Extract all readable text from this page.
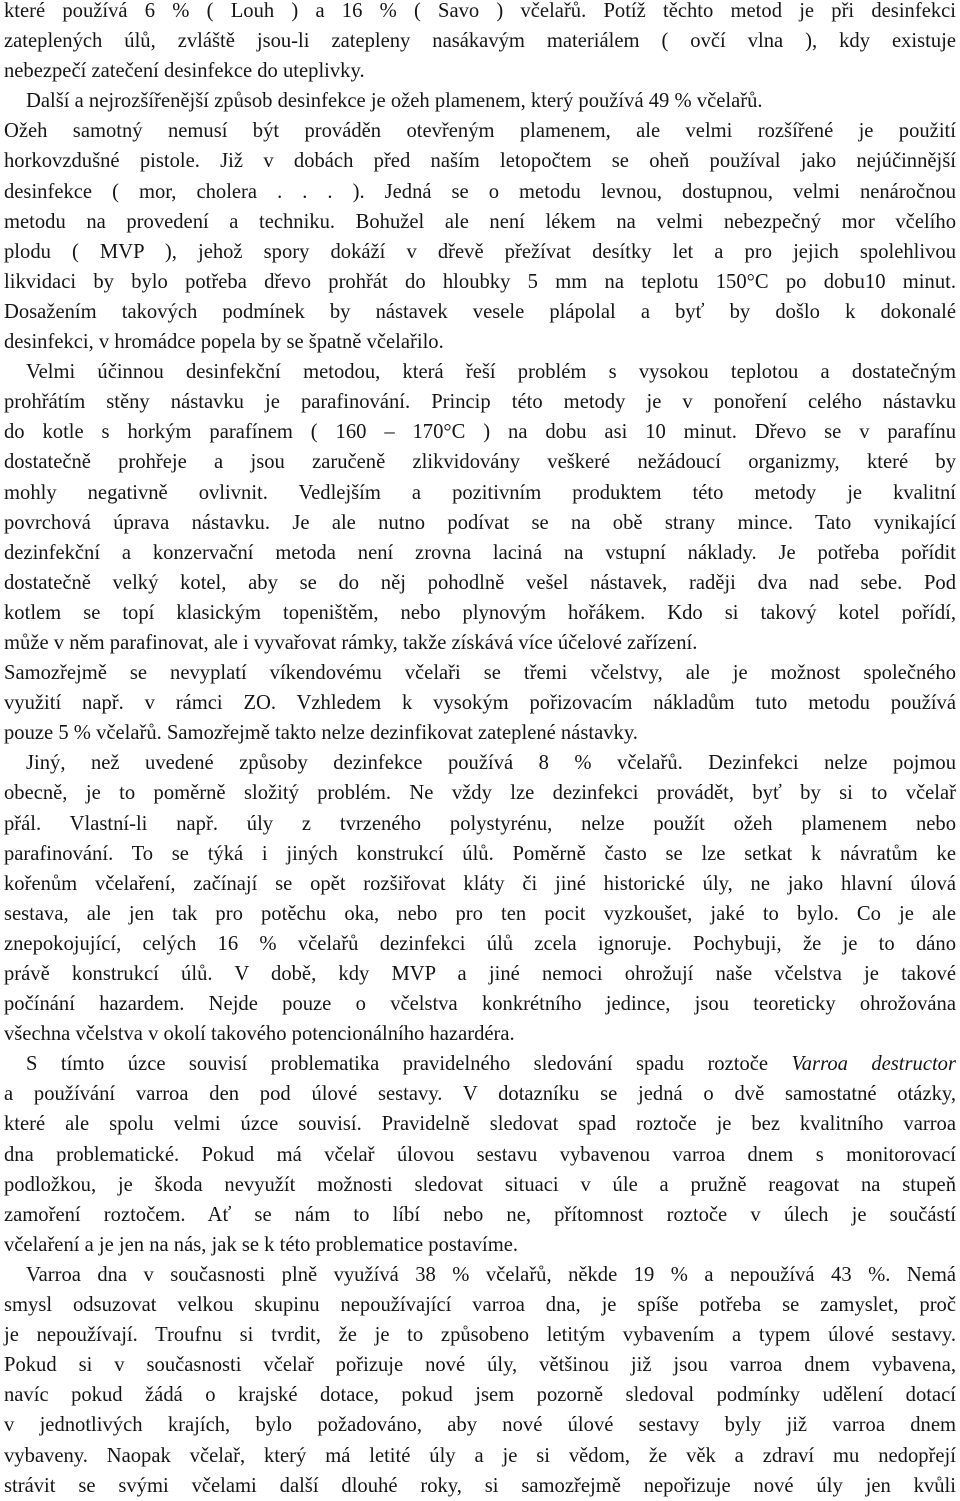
které používá 6 % ( Louh ) a 16 % ( Savo ) včelařů. Potíž těchto metod je při desinfekci
zateplených úlů, zvláště jsou-li zatepleny nasákavým materiálem ( ovčí vlna ), kdy existuje
nebezpečí zatečení desinfekce do uteplivky.
Další a nejrozšířenější způsob desinfekce je ožeh plamenem, který používá 49 % včelařů.
Ožeh samotný nemusí být prováděn otevřeným plamenem, ale velmi rozšířené je použití
horkovzdušné pistole. Již v dobách před naším letopočtem se oheň používal jako nejúčinnější
desinfekce ( mor, cholera . . . ). Jedná se o metodu levnou, dostupnou, velmi nenáročnou
metodu na provedení a techniku. Bohužel ale není lékem na velmi nebezpečný mor včelího
plodu ( MVP ), jehož spory dokáží v dřevě přežívat desítky let a pro jejich spolehlivou
likvidaci by bylo potřeba dřevo prohřát do hloubky 5 mm na teplotu 150°C po dobu10 minut.
Dosažením takových podmínek by nástavek vesele plápolal a byť by došlo k dokonalé
desinfekci, v hromádce popela by se špatně včelařilo.
Velmi účinnou desinfekční metodou, která řeší problém s vysokou teplotou a dostatečným
prohřátím stěny nástavku je parafinování. Princip této metody je v ponoření celého nástavku
do kotle s horkým parafínem ( 160 – 170°C ) na dobu asi 10 minut. Dřevo se v parafínu
dostatečně prohřeje a jsou zaručeně zlikvidovány veškeré nežádoucí organizmy, které by
mohly negativně ovlivnit. Vedlejším a pozitivním produktem této metody je kvalitní
povrchová úprava nástavku. Je ale nutno podívat se na obě strany mince. Tato vynikající
dezinfekční a konzervační metoda není zrovna laciná na vstupní náklady. Je potřeba pořídit
dostatečně velký kotel, aby se do něj pohodlně vešel nástavek, raději dva nad sebe. Pod
kotlem se topí klasickým topeništěm, nebo plynovým hořákem. Kdo si takový kotel pořídí,
může v něm parafinovat, ale i vyvařovat rámky, takže získává více účelové zařízení.
Samozřejmě se nevyplatí víkendovému včelaři se třemi včelstvy, ale je možnost společného
využití např. v rámci ZO. Vzhledem k vysokým pořizovacím nákladům tuto metodu používá
pouze 5 % včelařů. Samozřejmě takto nelze dezinfikovat zateplené nástavky.
Jiný, než uvedené způsoby dezinfekce používá 8 % včelařů. Dezinfekci nelze pojmou
obecně, je to poměrně složitý problém. Ne vždy lze dezinfekci provádět, byť by si to včelař
přál. Vlastní-li např. úly z tvrzeného polystyrénu, nelze použít ožeh plamenem nebo
parafinování. To se týká i jiných konstrukcí úlů. Poměrně často se lze setkat k návratům ke
kořenům včelaření, začínají se opět rozšiřovat kláty či jiné historické úly, ne jako hlavní úlová
sestava, ale jen tak pro potěchu oka, nebo pro ten pocit vyzkoušet, jaké to bylo. Co je ale
znepokojující, celých 16 % včelařů dezinfekci úlů zcela ignoruje. Pochybuji, že je to dáno
právě konstrukcí úlů. V době, kdy MVP a jiné nemoci ohrožují naše včelstva je takové
počínání hazardem. Nejde pouze o včelstva konkrétního jedince, jsou teoreticky ohrožována
všechna včelstva v okolí takového potencionálního hazardéra.
S tímto úzce souvisí problematika pravidelného sledování spadu roztoče Varroa destructor
a používání varroa den pod úlové sestavy. V dotazníku se jedná o dvě samostatné otázky,
které ale spolu velmi úzce souvisí. Pravidelně sledovat spad roztoče je bez kvalitního varroa
dna problematické. Pokud má včelař úlovou sestavu vybavenou varroa dnem s monitorovací
podložkou, je škoda nevyužít možnosti sledovat situaci v úle a pružně reagovat na stupeň
zamoření roztočem. Ať se nám to líbí nebo ne, přítomnost roztoče v úlech je součástí
včelaření a je jen na nás, jak se k této problematice postavíme.
Varroa dna v současnosti plně využívá 38 % včelařů, někde 19 % a nepoužívá 43 %. Nemá
smysl odsuzovat velkou skupinu nepoužívající varroa dna, je spíše potřeba se zamyslet, proč
je nepoužívají. Troufnu si tvrdit, že je to způsobeno letitým vybavením a typem úlové sestavy.
Pokud si v současnosti včelař pořizuje nové úly, většinou již jsou varroa dnem vybavena,
navíc pokud žádá o krajské dotace, pokud jsem pozorně sledoval podmínky udělení dotací
v jednotlivých krajích, bylo požadováno, aby nové úlové sestavy byly již varroa dnem
vybaveny. Naopak včelař, který má letité úly a je si vědom, že věk a zdraví mu nedopřejí
strávit se svými včelami další dlouhé roky, si samozřejmě nepořizuje nové úly jen kvůli
